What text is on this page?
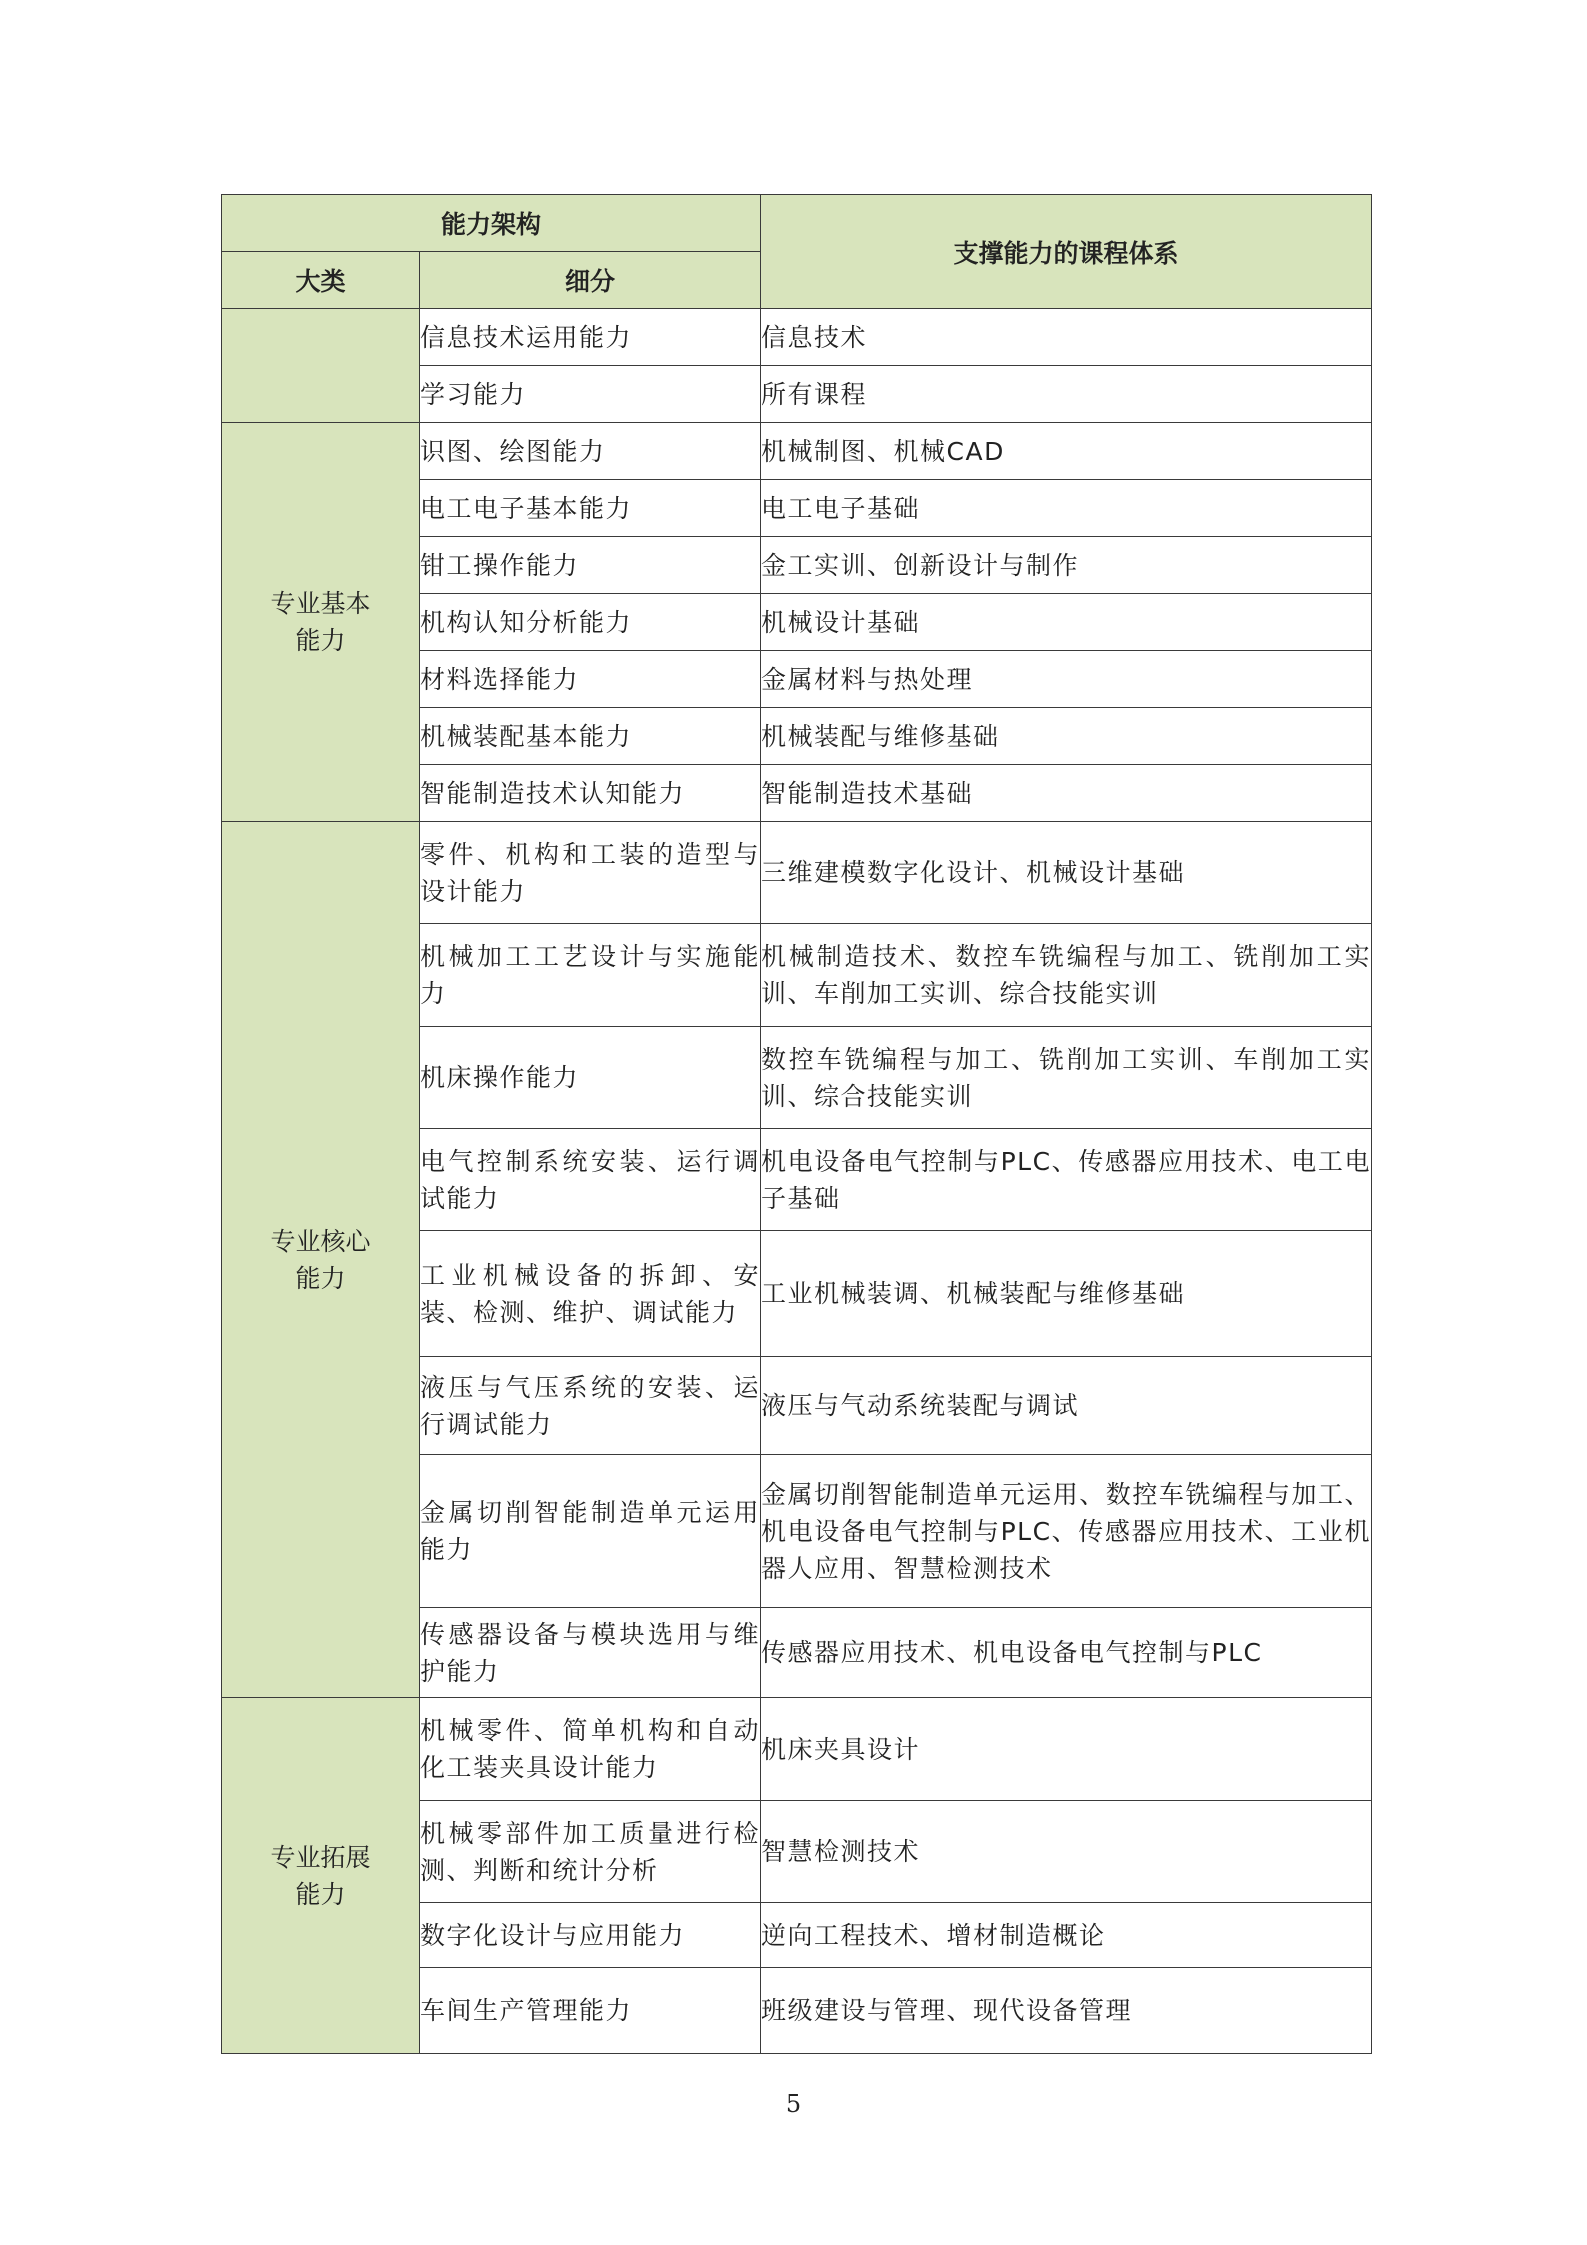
能力架构		支撑能力的课程体系
大类	细分	
	信息技术运用能力	信息技术
	学习能力	所有课程

专业基本能力	识图、绘图能力	机械制图、机械CAD
	电工电子基本能力	电工电子基础
	钳工操作能力	金工实训、创新设计与制作
	机构认知分析能力	机械设计基础
	材料选择能力	金属材料与热处理
	机械装配基本能力	机械装配与维修基础
	智能制造技术认知能力	智能制造技术基础

专业核心能力	零件、机构和工装的造型与设计能力	三维建模数字化设计、机械设计基础
	机械加工工艺设计与实施能力	机械制造技术、数控车铣编程与加工、铣削加工实训、车削加工实训、综合技能实训
	机床操作能力	数控车铣编程与加工、铣削加工实训、车削加工实训、综合技能实训
	电气控制系统安装、运行调试能力	机电设备电气控制与PLC、传感器应用技术、电工电子基础
	工业机械设备的拆卸、安装、检测、维护、调试能力	工业机械装调、机械装配与维修基础
	液压与气压系统的安装、运行调试能力	液压与气动系统装配与调试
	金属切削智能制造单元运用能力	金属切削智能制造单元运用、数控车铣编程与加工、机电设备电气控制与PLC、传感器应用技术、工业机器人应用、智慧检测技术
	传感器设备与模块选用与维护能力	传感器应用技术、机电设备电气控制与PLC

专业拓展能力	机械零件、简单机构和自动化工装夹具设计能力	机床夹具设计
	机械零部件加工质量进行检测、判断和统计分析	智慧检测技术
	数字化设计与应用能力	逆向工程技术、增材制造概论
	车间生产管理能力	班级建设与管理、现代设备管理
5
